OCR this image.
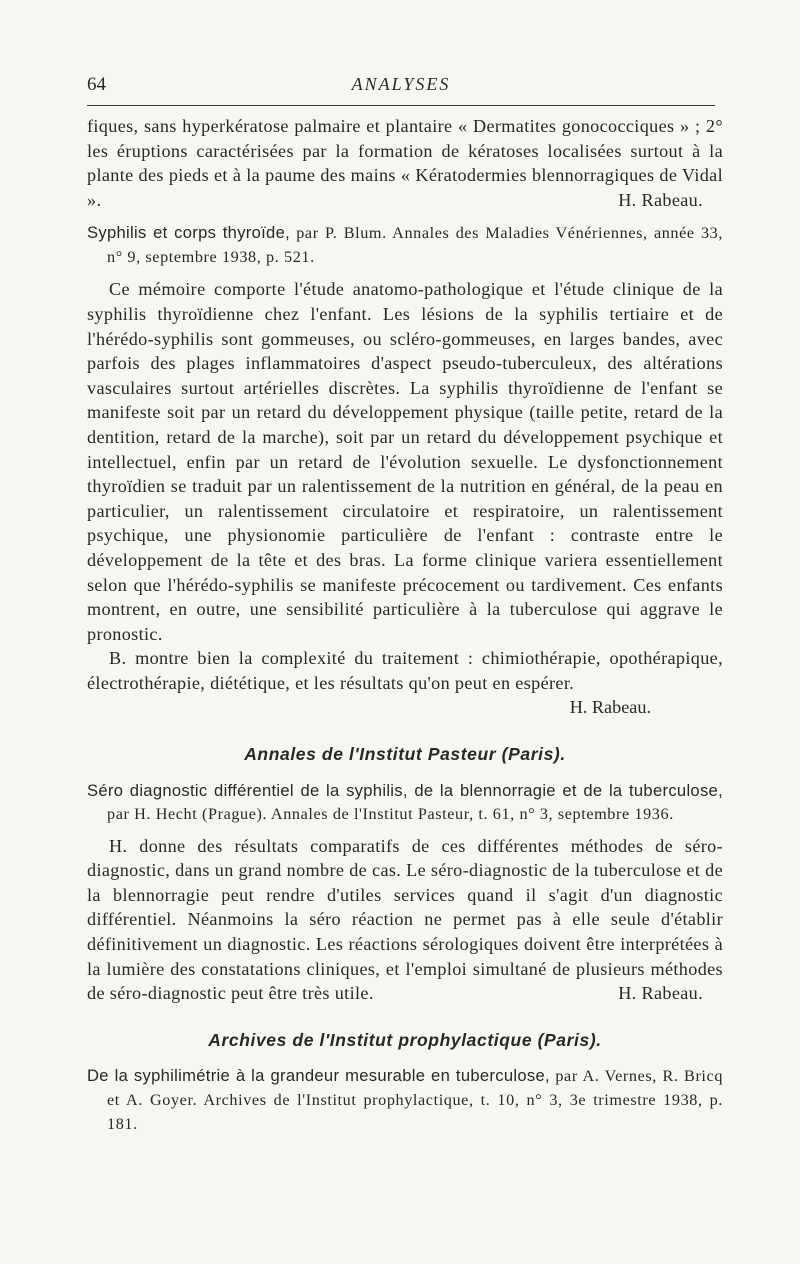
64	ANALYSES

fiques, sans hyperkératose palmaire et plantaire « Dermatites gonococciques » ; 2° les éruptions caractérisées par la formation de kératoses localisées surtout à la plante des pieds et à la paume des mains « Kératodermies blennorragiques de Vidal ».	H. Rabeau.

Syphilis et corps thyroïde, par P. Blum. Annales des Maladies Vénériennes, année 33, n° 9, septembre 1938, p. 521.

Ce mémoire comporte l'étude anatomo-pathologique et l'étude clinique de la syphilis thyroïdienne chez l'enfant. Les lésions de la syphilis tertiaire et de l'hérédo-syphilis sont gommeuses, ou scléro-gommeuses, en larges bandes, avec parfois des plages inflammatoires d'aspect pseudo-tuberculeux, des altérations vasculaires surtout artérielles discrètes. La syphilis thyroïdienne de l'enfant se manifeste soit par un retard du développement physique (taille petite, retard de la dentition, retard de la marche), soit par un retard du développement psychique et intellectuel, enfin par un retard de l'évolution sexuelle. Le dysfonctionnement thyroïdien se traduit par un ralentissement de la nutrition en général, de la peau en particulier, un ralentissement circulatoire et respiratoire, un ralentissement psychique, une physionomie particulière de l'enfant : contraste entre le développement de la tête et des bras. La forme clinique variera essentiellement selon que l'hérédo-syphilis se manifeste précocement ou tardivement. Ces enfants montrent, en outre, une sensibilité particulière à la tuberculose qui aggrave le pronostic.

B. montre bien la complexité du traitement : chimiothérapie, opothérapique, électrothérapie, diététique, et les résultats qu'on peut en espérer.

H. Rabeau.

Annales de l'Institut Pasteur (Paris).

Séro diagnostic différentiel de la syphilis, de la blennorragie et de la tuberculose, par H. Hecht (Prague). Annales de l'Institut Pasteur, t. 61, n° 3, septembre 1936.

H. donne des résultats comparatifs de ces différentes méthodes de séro-diagnostic, dans un grand nombre de cas. Le séro-diagnostic de la tuberculose et de la blennorragie peut rendre d'utiles services quand il s'agit d'un diagnostic différentiel. Néanmoins la séro réaction ne permet pas à elle seule d'établir définitivement un diagnostic. Les réactions sérologiques doivent être interprétées à la lumière des constatations cliniques, et l'emploi simultané de plusieurs méthodes de séro-diagnostic peut être très utile.	H. Rabeau.

Archives de l'Institut prophylactique (Paris).

De la syphilimétrie à la grandeur mesurable en tuberculose, par A. Vernes, R. Bricq et A. Goyer. Archives de l'Institut prophylactique, t. 10, n° 3, 3e trimestre 1938, p. 181.
